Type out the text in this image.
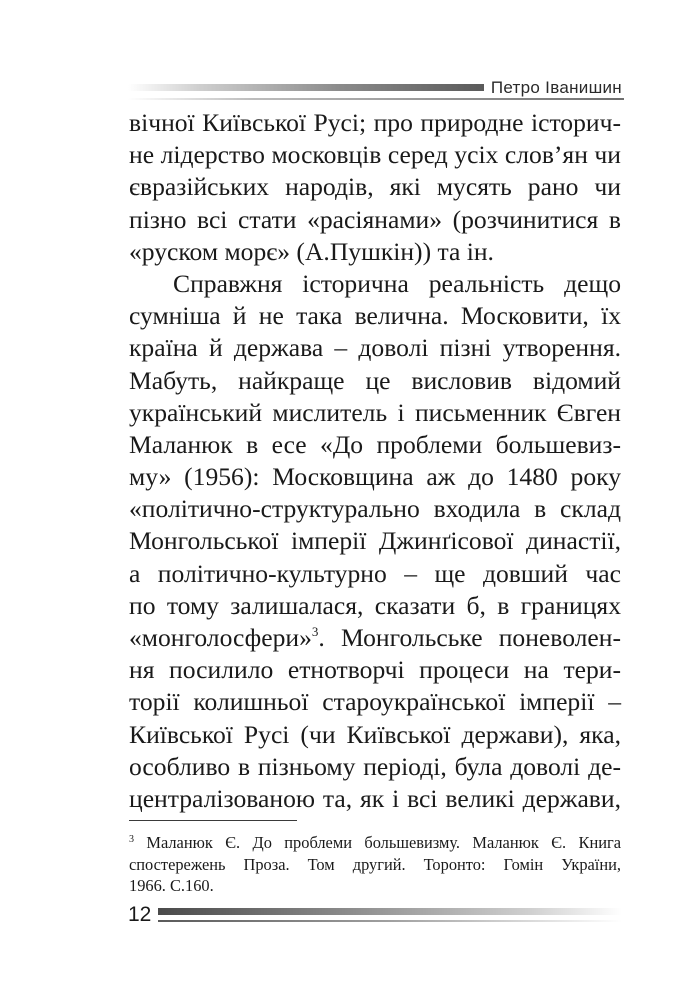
Петро Іванишин
вічної Київської Русі; про природне історич-
не лідерство московців серед усіх слов’ян чи
євразійських народів, які мусять рано чи
пізно всі стати «расіянами» (розчинитися в
«руском морє» (А.Пушкін)) та ін.
Справжня історична реальність дещо
сумніша й не така велична. Московити, їх
країна й держава – доволі пізні утворення.
Мабуть, найкраще це висловив відомий
український мислитель і письменник Євген
Маланюк в есе «До проблеми большевиз-
му» (1956): Московщина аж до 1480 року
«політично-структурально входила в склад
Монгольської імперії Джинґісової династії,
а політично-культурно – ще довший час
по тому залишалася, сказати б, в границях
«монголосфери»$^3$. Монгольське поневолен-
ня посилило етнотворчі процеси на тери-
торії колишньої староукраїнської імперії –
Київської Русі (чи Київської держави), яка,
особливо в пізньому періоді, була доволі де-
централізованою та, як і всі великі держави,
$^3$ Маланюк Є. До проблеми большевизму. Маланюк Є. Книга
спостережень Проза. Том другий. Торонто: Гомін України,
1966. С.160.
12
